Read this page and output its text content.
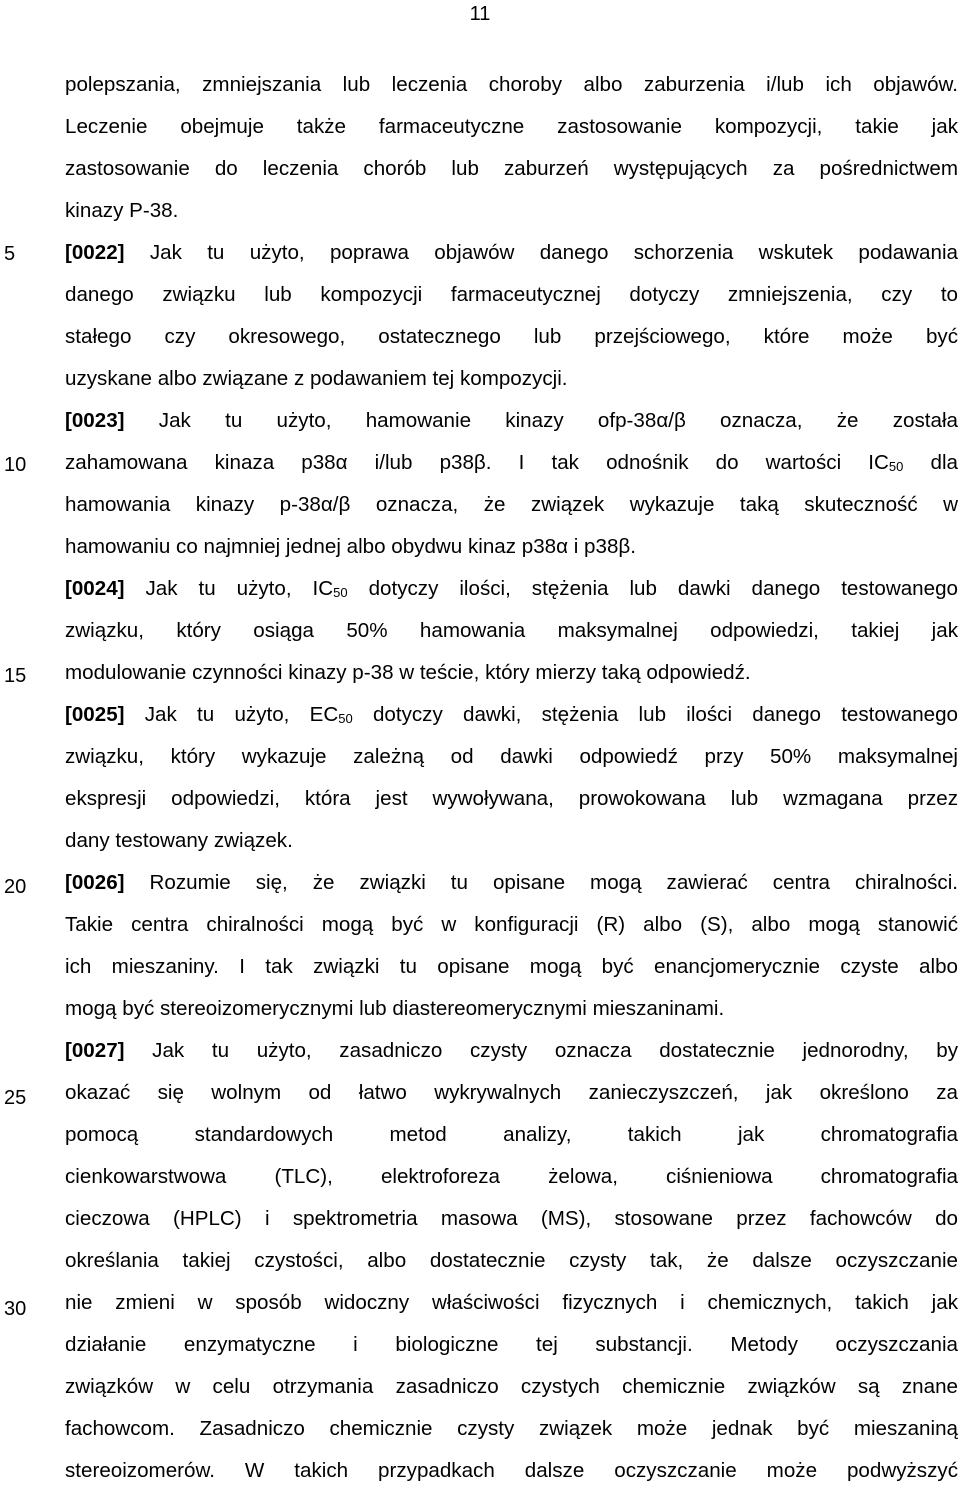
11
5
10
15
20
25
30
polepszania, zmniejszania lub leczenia choroby albo zaburzenia i/lub ich objawów.
Leczenie obejmuje także farmaceutyczne zastosowanie kompozycji, takie jak
zastosowanie do leczenia chorób lub zaburzeń występujących za pośrednictwem
kinazy P-38.
[0022] Jak tu użyto, poprawa objawów danego schorzenia wskutek podawania
danego związku lub kompozycji farmaceutycznej dotyczy zmniejszenia, czy to
stałego czy okresowego, ostatecznego lub przejściowego, które może być
uzyskane albo związane z podawaniem tej kompozycji.
[0023] Jak tu użyto, hamowanie kinazy ofp-38α/β oznacza, że została
zahamowana kinaza p38α i/lub p38β. I tak odnośnik do wartości $IC_{50}$ dla
hamowania kinazy p-38α/β oznacza, że związek wykazuje taką skuteczność w
hamowaniu co najmniej jednej albo obydwu kinaz p38α i p38β.
[0024] Jak tu użyto, $IC_{50}$ dotyczy ilości, stężenia lub dawki danego testowanego
związku, który osiąga 50% hamowania maksymalnej odpowiedzi, takiej jak
modulowanie czynności kinazy p-38 w teście, który mierzy taką odpowiedź.
[0025] Jak tu użyto, $EC_{50}$ dotyczy dawki, stężenia lub ilości danego testowanego
związku, który wykazuje zależną od dawki odpowiedź przy 50% maksymalnej
ekspresji odpowiedzi, która jest wywoływana, prowokowana lub wzmagana przez
dany testowany związek.
[0026] Rozumie się, że związki tu opisane mogą zawierać centra chiralności.
Takie centra chiralności mogą być w konfiguracji (R) albo (S), albo mogą stanowić
ich mieszaniny. I tak związki tu opisane mogą być enancjomerycznie czyste albo
mogą być stereoizomerycznymi lub diastereomerycznymi mieszaninami.
[0027] Jak tu użyto, zasadniczo czysty oznacza dostatecznie jednorodny, by
okazać się wolnym od łatwo wykrywalnych zanieczyszczeń, jak określono za
pomocą standardowych metod analizy, takich jak chromatografia
cienkowarstwowa (TLC), elektroforeza żelowa, ciśnieniowa chromatografia
cieczowa (HPLC) i spektrometria masowa (MS), stosowane przez fachowców do
określania takiej czystości, albo dostatecznie czysty tak, że dalsze oczyszczanie
nie zmieni w sposób widoczny właściwości fizycznych i chemicznych, takich jak
działanie enzymatyczne i biologiczne tej substancji. Metody oczyszczania
związków w celu otrzymania zasadniczo czystych chemicznie związków są znane
fachowcom. Zasadniczo chemicznie czysty związek może jednak być mieszaniną
stereoizomerów. W takich przypadkach dalsze oczyszczanie może podwyższyć
